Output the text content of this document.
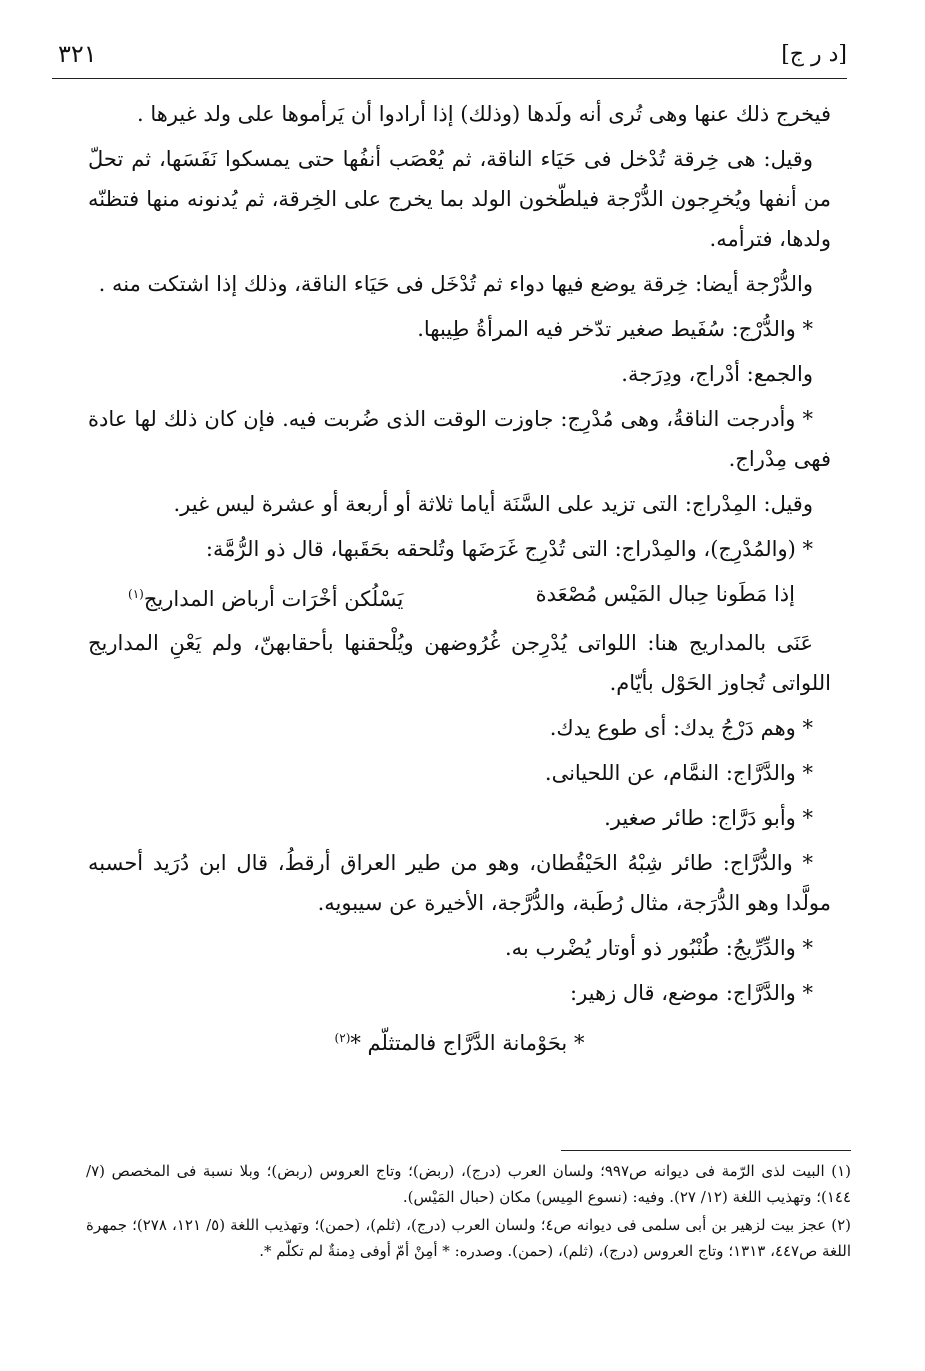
٣٢١	[د ر ج]

فيخرج ذلك عنها وهى تُرى أنه ولَدها (وذلك) إذا أرادوا أن يَرأموها على ولد غيرها .

وقيل: هى خِرقة تُدْخل فى حَيَاء الناقة، ثم يُعْصَب أنفُها حتى يمسكوا نَفَسَها، ثم تحلّ من أنفها ويُخرِجون الدُّرْجة فيلطّخون الولد بما يخرج على الخِرقة، ثم يُدنونه منها فتظنّه ولدها، فترأمه.

والدُّرْجة أيضا: خِرقة يوضع فيها دواء ثم تُدْخَل فى حَيَاء الناقة، وذلك إذا اشتكت منه .

* والدُّرْج: سُفَيط صغير تدّخر فيه المرأةُ طِيبها.

والجمع: أدْراج، ودِرَجة.

* وأدرجت الناقةُ، وهى مُدْرِج: جاوزت الوقت الذى ضُربت فيه. فإن كان ذلك لها عادة فهى مِدْراج.

وقيل: المِدْراج: التى تزيد على السَّنَة أياما ثلاثة أو أربعة أو عشرة ليس غير.

* (والمُدْرِج)، والمِدْراج: التى تُدْرِج غَرَضَها وتُلحقه بحَقَبها، قال ذو الرُّمَّة:

إذا مَطَونا حِبال المَيْس مُصْعَدة
يَسْلُكن أخْرَات أرباض المداريج$^{(١)}$

عَنَى بالمداريج هنا: اللواتى يُدْرِجن غُرُوضهن ويُلْحقنها بأحقابهنّ، ولم يَعْنِ المداريج اللواتى تُجاوز الحَوْل بأيّام.

* وهم دَرْجُ يدك: أى طوع يدك.

* والدَّرَّاج: النمَّام، عن اللحيانى.

* وأبو دَرَّاج: طائر صغير.

* والدُّرَّاج: طائر شِبْهُ الحَيْقُطان، وهو من طير العراق أرقطُ، قال ابن دُرَيد أحسبه مولَّدا وهو الدُّرَجة، مثال رُطَبة، والدُّرَّجة، الأخيرة عن سيبويه.

* والدِّرِّيجُ: طُنْبُور ذو أوتار يُضْرب به.

* والدَّرَّاج: موضع، قال زهير:

* بحَوْمانة الدَّرَّاج فالمتثلّم *$^{(٢)}$

(١) البيت لذى الرّمة فى ديوانه ص٩٩٧؛ ولسان العرب (درج)، (ربض)؛ وتاج العروس (ربض)؛ وبلا نسبة فى المخصص (٧/ ١٤٤)؛ وتهذيب اللغة (١٢/ ٢٧). وفيه: (نسوع المِيس) مكان (حبال المَيْس).

(٢) عجز بيت لزهير بن أبى سلمى فى ديوانه ص٤؛ ولسان العرب (درج)، (ثلم)، (حمن)؛ وتهذيب اللغة (٥/ ١٢١، ٢٧٨)؛ جمهرة اللغة ص٤٤٧، ١٣١٣؛ وتاج العروس (درج)، (ثلم)، (حمن). وصدره: * أمِنْ أمّ أوفى دِمنةٌ لم تكلّم *.
